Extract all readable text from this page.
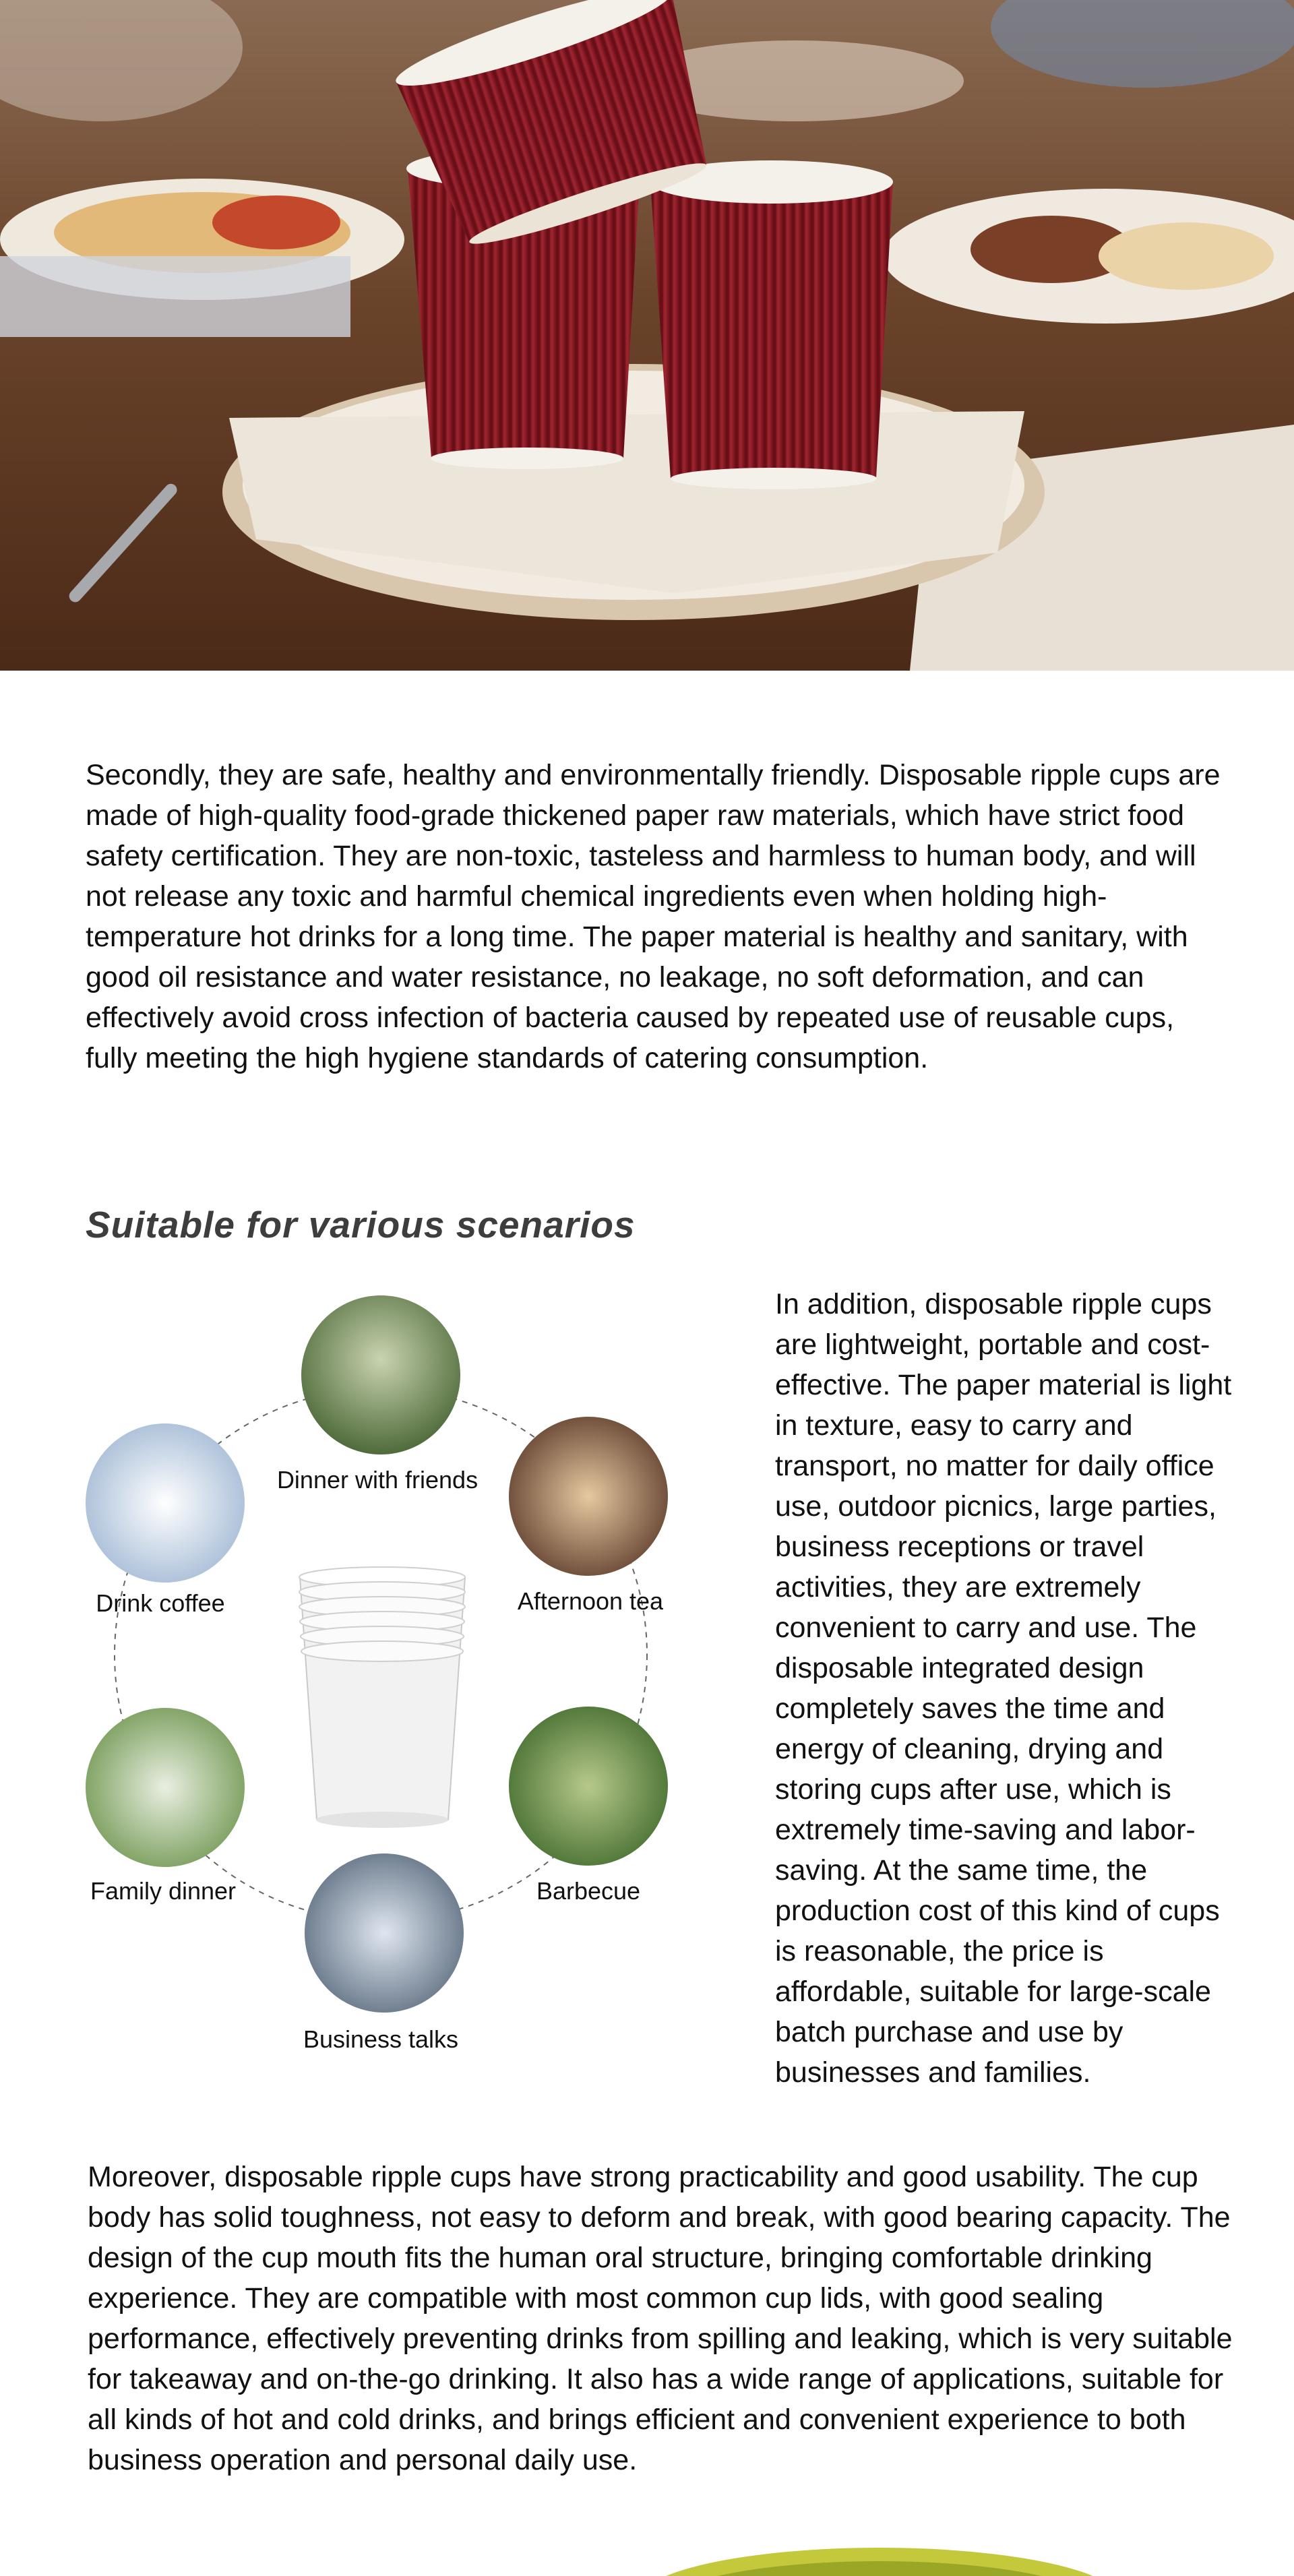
Secondly, they are safe, healthy and environmentally friendly. Disposable ripple cups are made of high-quality food-grade thickened paper raw materials, which have strict food safety certification. They are non-toxic, tasteless and harmless to human body, and will not release any toxic and harmful chemical ingredients even when holding high-temperature hot drinks for a long time. The paper material is healthy and sanitary, with good oil resistance and water resistance, no leakage, no soft deformation, and can effectively avoid cross infection of bacteria caused by repeated use of reusable cups, fully meeting the high hygiene standards of catering consumption.

Suitable for various scenarios
Dinner with friends
Afternoon tea
Barbecue
Business talks
Family dinner
Drink coffee

In addition, disposable ripple cups are lightweight, portable and cost-effective. The paper material is light in texture, easy to carry and transport, no matter for daily office use, outdoor picnics, large parties, business receptions or travel activities, they are extremely convenient to carry and use. The disposable integrated design completely saves the time and energy of cleaning, drying and storing cups after use, which is extremely time-saving and labor-saving. At the same time, the production cost of this kind of cups is reasonable, the price is affordable, suitable for large-scale batch purchase and use by businesses and families.

Moreover, disposable ripple cups have strong practicability and good usability. The cup body has solid toughness, not easy to deform and break, with good bearing capacity. The design of the cup mouth fits the human oral structure, bringing comfortable drinking experience. They are compatible with most common cup lids, with good sealing performance, effectively preventing drinks from spilling and leaking, which is very suitable for takeaway and on-the-go drinking. It also has a wide range of applications, suitable for all kinds of hot and cold drinks, and brings efficient and convenient experience to both business operation and personal daily use.
